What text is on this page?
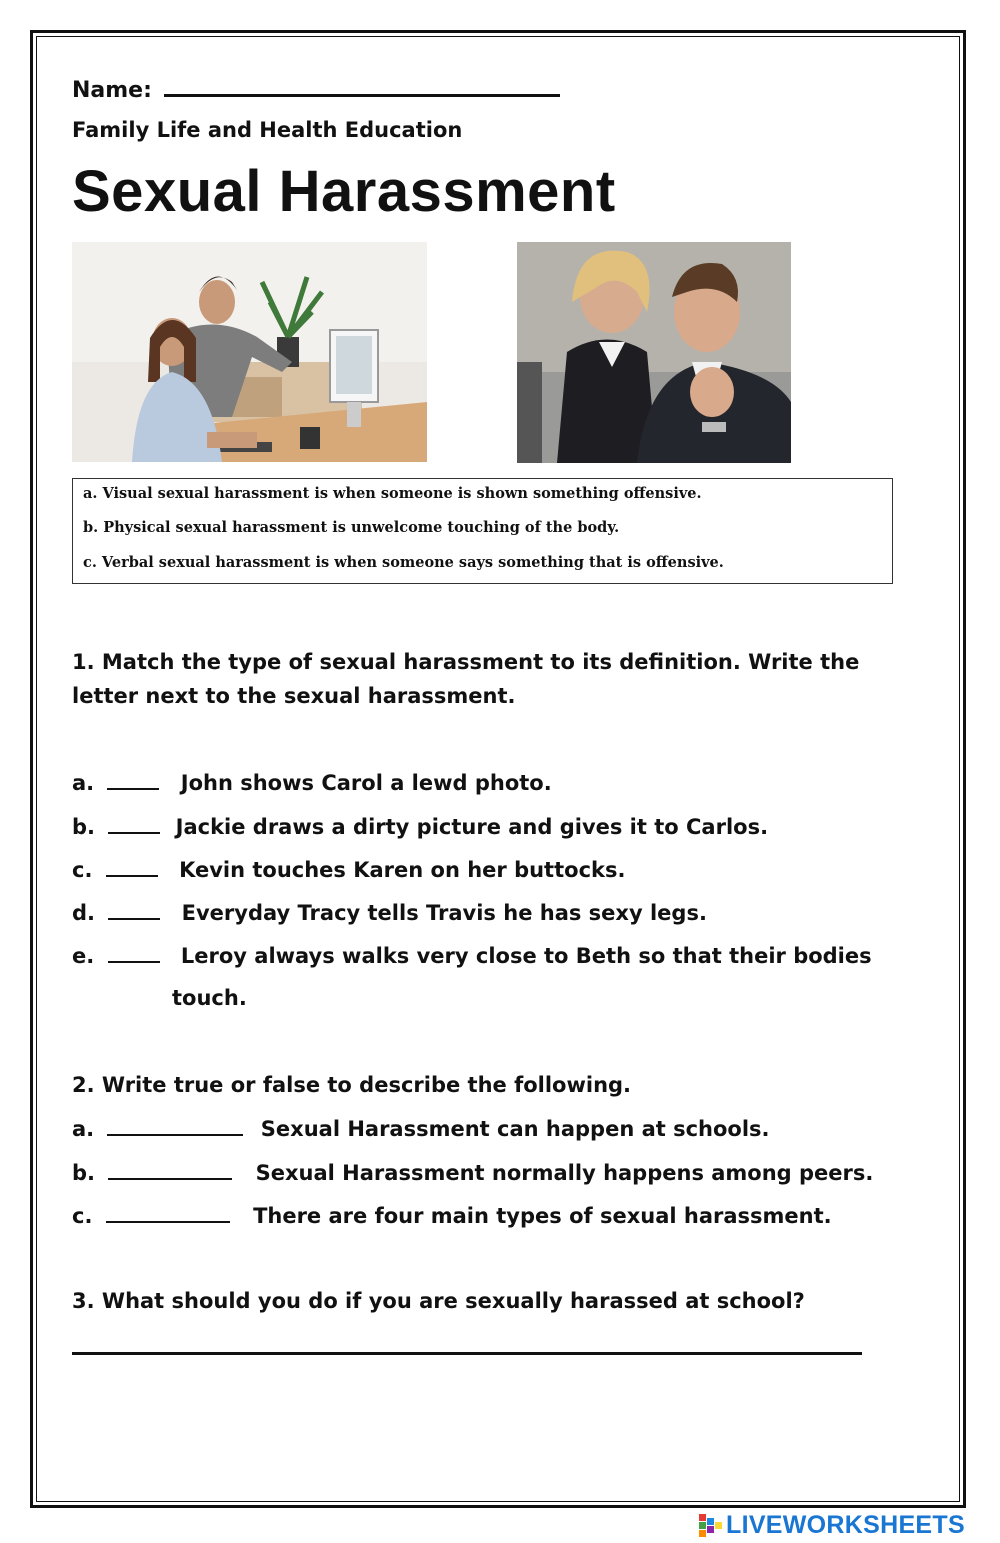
Name:
Family Life and Health Education
Sexual Harassment
a. Visual sexual harassment is when someone is shown something offensive.
b. Physical sexual harassment is unwelcome touching of the body.
c. Verbal sexual harassment is when someone says something that is offensive.
1. Match the type of sexual harassment to its definition. Write the
letter next to the sexual harassment.
a.	John shows Carol a lewd photo.
b.	Jackie draws a dirty picture and gives it to Carlos.
c.	Kevin touches Karen on her buttocks.
d.	Everyday Tracy tells Travis he has sexy legs.
e.	Leroy always walks very close to Beth so that their bodies
touch.
2. Write true or false to describe the following.
a.	Sexual Harassment can happen at schools.
b.	Sexual Harassment normally happens among peers.
c.	There are four main types of sexual harassment.
3. What should you do if you are sexually harassed at school?
LIVEWORKSHEETS
